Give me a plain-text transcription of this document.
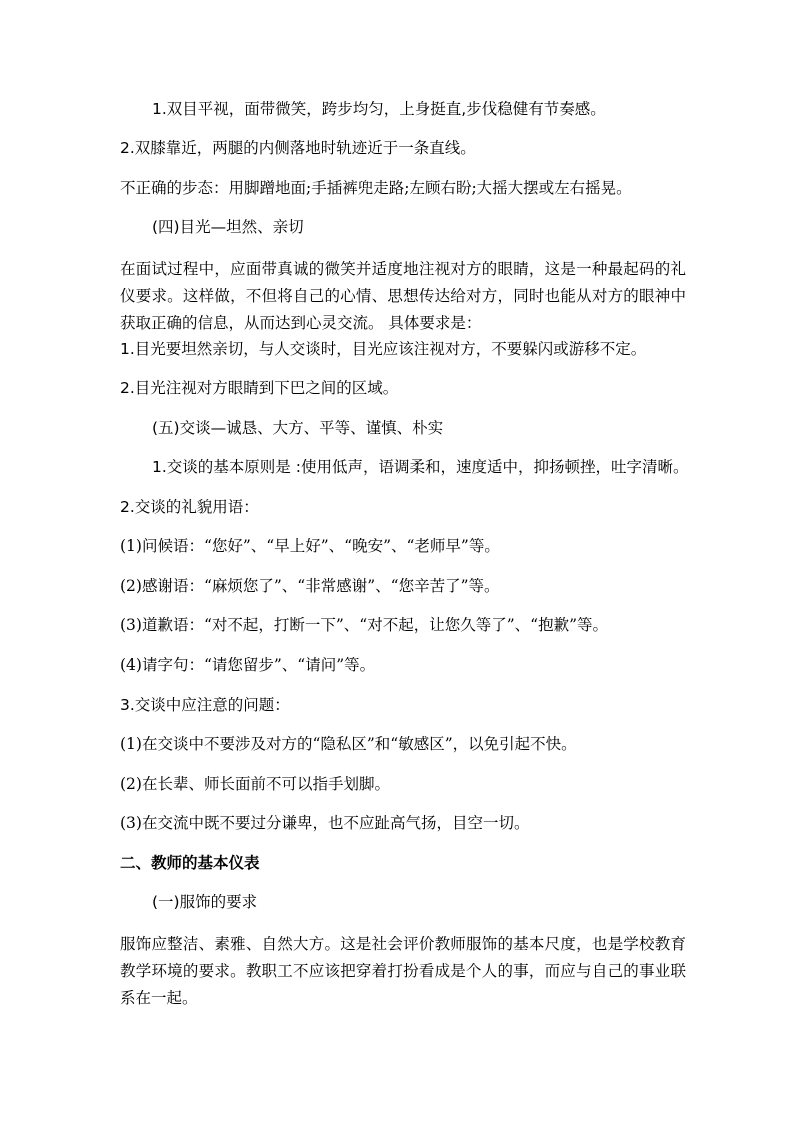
1.双目平视，面带微笑，跨步均匀，上身挺直,步伐稳健有节奏感。

2.双膝靠近，两腿的内侧落地时轨迹近于一条直线。

不正确的步态：用脚蹭地面;手插裤兜走路;左顾右盼;大摇大摆或左右摇晃。

(四)目光—坦然、亲切

在面试过程中，应面带真诚的微笑并适度地注视对方的眼睛，这是一种最起码的礼仪要求。这样做，不但将自己的心情、思想传达给对方，同时也能从对方的眼神中获取正确的信息，从而达到心灵交流。 具体要求是：

1.目光要坦然亲切，与人交谈时，目光应该注视对方，不要躲闪或游移不定。

2.目光注视对方眼睛到下巴之间的区域。

(五)交谈—诚恳、大方、平等、谨慎、朴实

1.交谈的基本原则是 :使用低声，语调柔和，速度适中，抑扬顿挫，吐字清晰。

2.交谈的礼貌用语：

(1)问候语：“您好”、“早上好”、“晚安”、“老师早”等。

(2)感谢语：“麻烦您了”、“非常感谢”、“您辛苦了”等。

(3)道歉语：“对不起，打断一下”、“对不起，让您久等了”、“抱歉”等。

(4)请字句：“请您留步”、“请问”等。

3.交谈中应注意的问题：

(1)在交谈中不要涉及对方的“隐私区”和“敏感区”，以免引起不快。

(2)在长辈、师长面前不可以指手划脚。

(3)在交流中既不要过分谦卑，也不应趾高气扬，目空一切。

二、教师的基本仪表

(一)服饰的要求

服饰应整洁、素雅、自然大方。这是社会评价教师服饰的基本尺度，也是学校教育教学环境的要求。教职工不应该把穿着打扮看成是个人的事，而应与自己的事业联系在一起。
